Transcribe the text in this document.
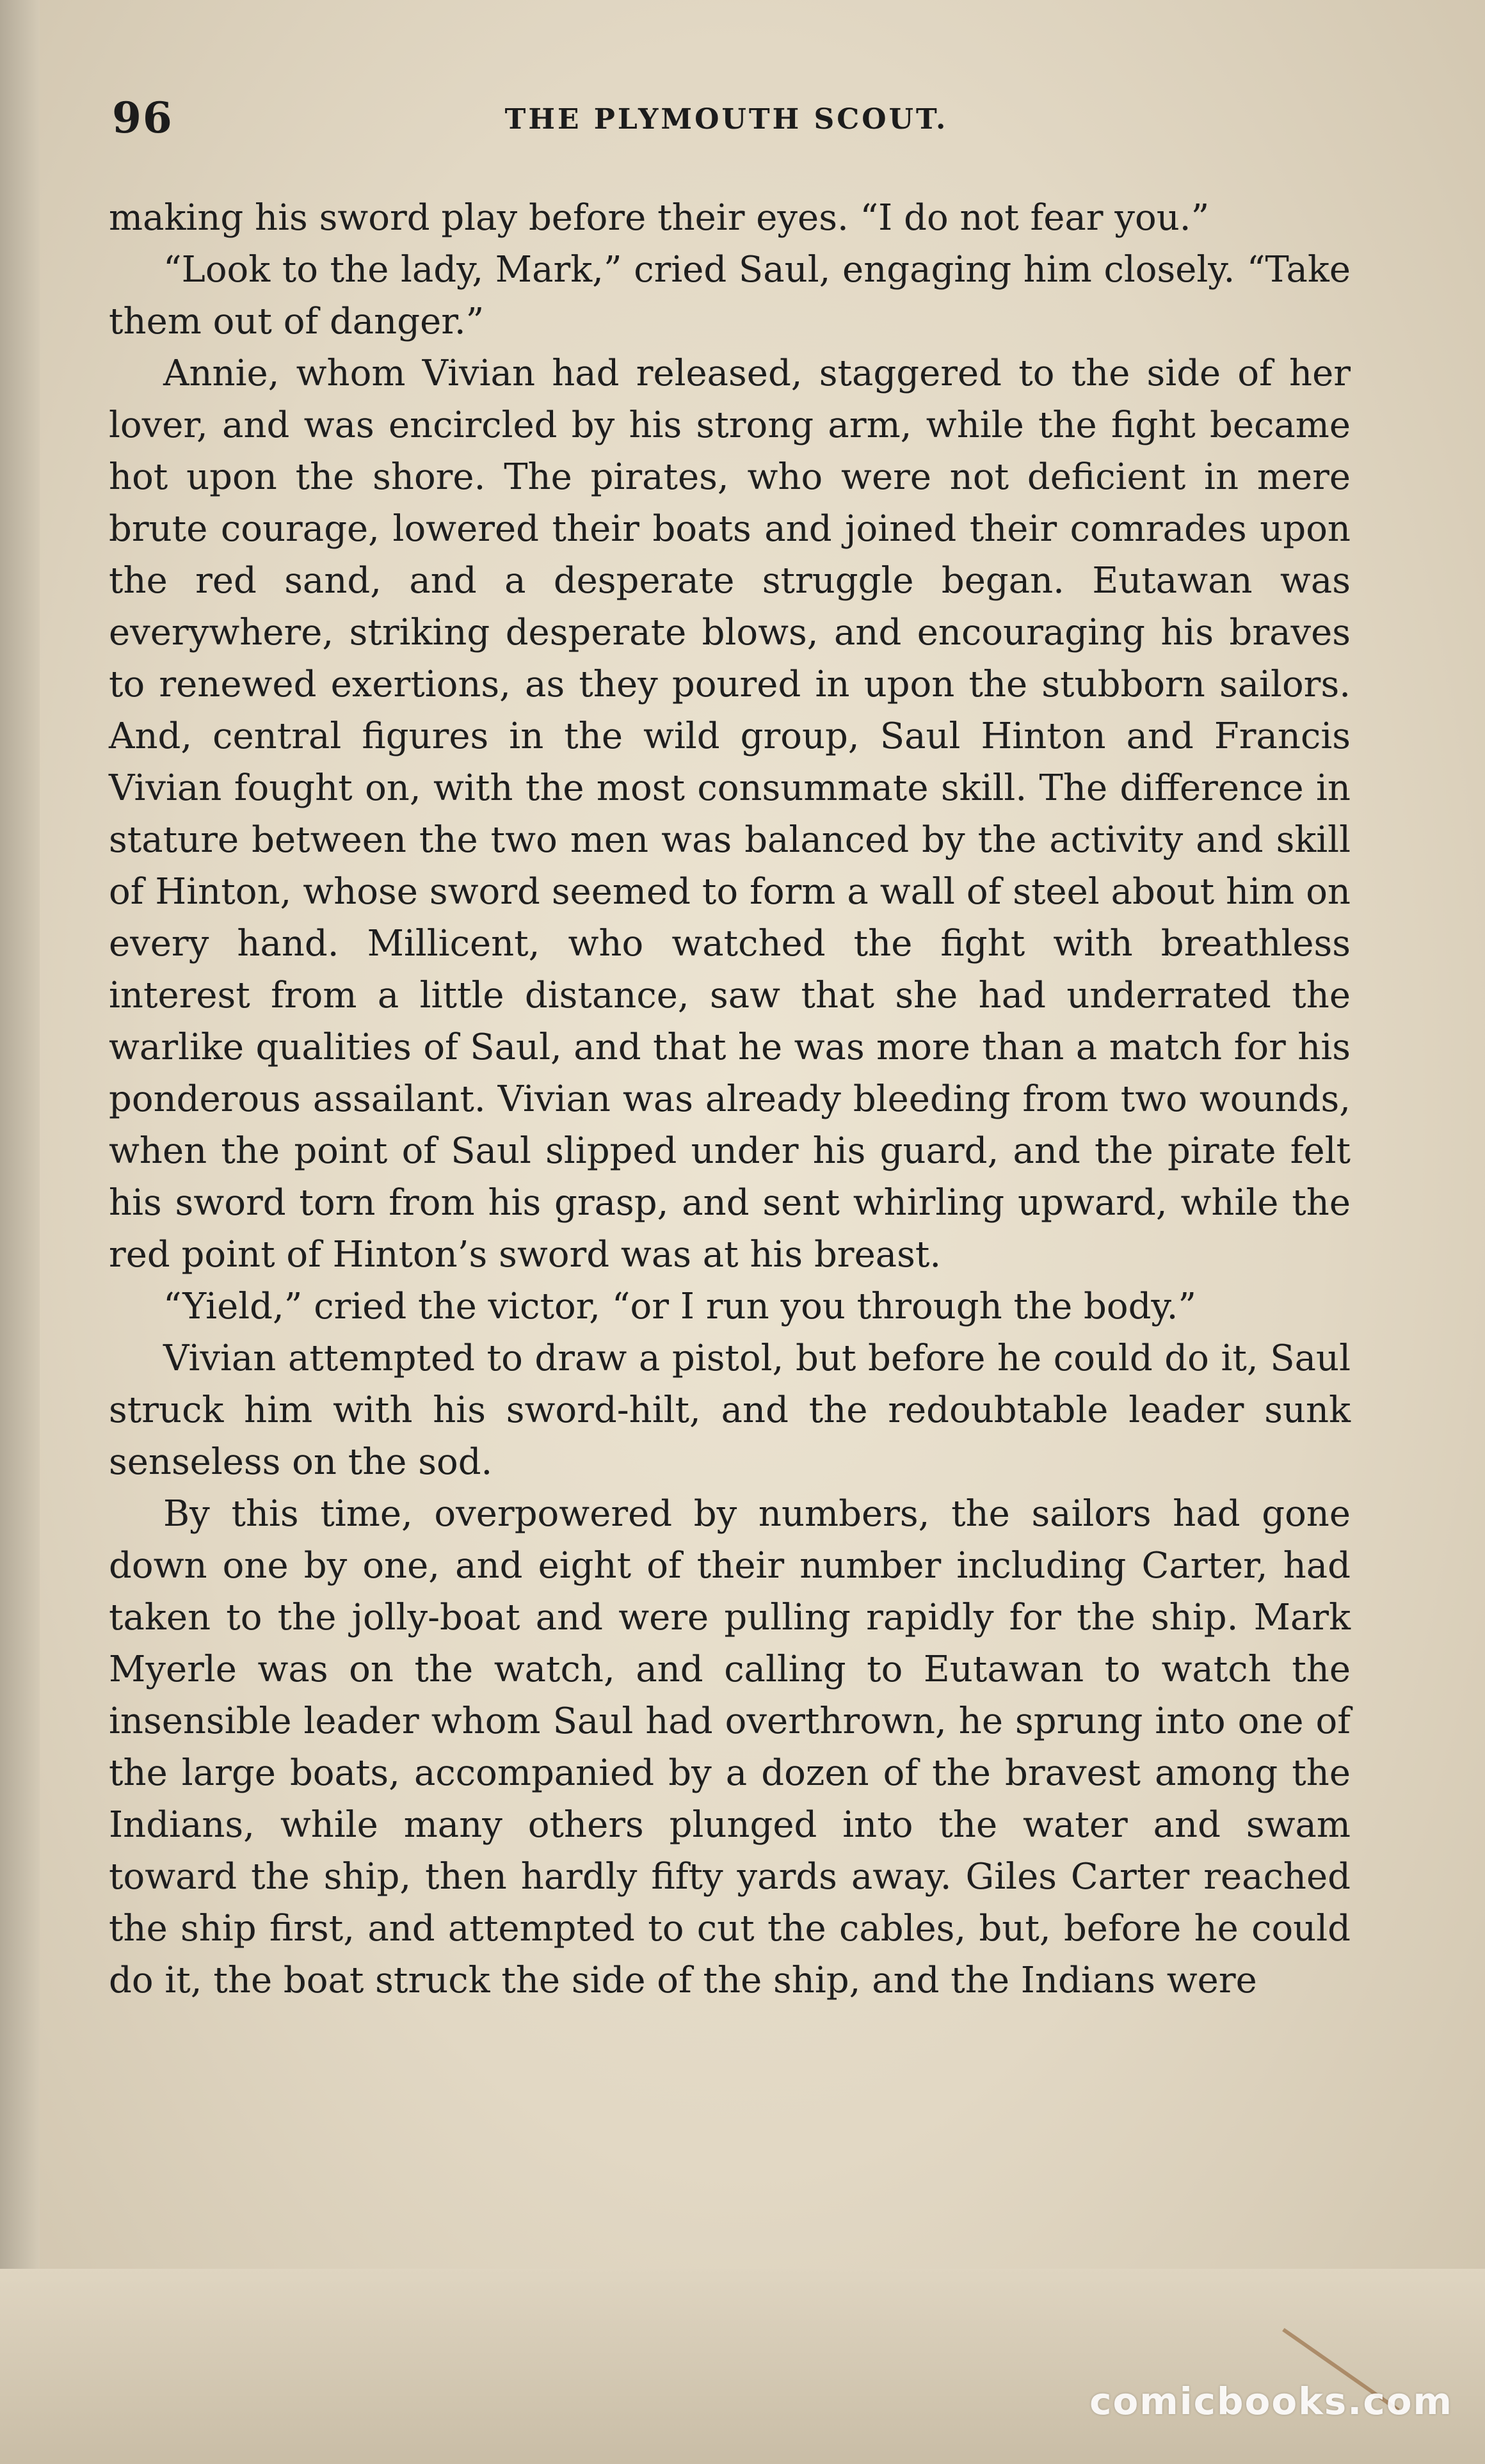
96	THE PLYMOUTH SCOUT.

making his sword play before their eyes. “I do not fear you.”

“Look to the lady, Mark,” cried Saul, engaging him closely. “Take them out of danger.”

Annie, whom Vivian had released, staggered to the side of her lover, and was encircled by his strong arm, while the fight became hot upon the shore. The pirates, who were not deficient in mere brute courage, lowered their boats and joined their comrades upon the red sand, and a desperate struggle began. Eutawan was everywhere, striking desperate blows, and encouraging his braves to renewed exertions, as they poured in upon the stubborn sailors. And, central figures in the wild group, Saul Hinton and Francis Vivian fought on, with the most consummate skill. The difference in stature between the two men was balanced by the activity and skill of Hinton, whose sword seemed to form a wall of steel about him on every hand. Millicent, who watched the fight with breathless interest from a little distance, saw that she had underrated the warlike qualities of Saul, and that he was more than a match for his ponderous assailant. Vivian was already bleeding from two wounds, when the point of Saul slipped under his guard, and the pirate felt his sword torn from his grasp, and sent whirling upward, while the red point of Hinton’s sword was at his breast.

“Yield,” cried the victor, “or I run you through the body.”

Vivian attempted to draw a pistol, but before he could do it, Saul struck him with his sword-hilt, and the redoubtable leader sunk senseless on the sod.

By this time, overpowered by numbers, the sailors had gone down one by one, and eight of their number including Carter, had taken to the jolly-boat and were pulling rapidly for the ship. Mark Myerle was on the watch, and calling to Eutawan to watch the insensible leader whom Saul had overthrown, he sprung into one of the large boats, accompanied by a dozen of the bravest among the Indians, while many others plunged into the water and swam toward the ship, then hardly fifty yards away. Giles Carter reached the ship first, and attempted to cut the cables, but, before he could do it, the boat struck the side of the ship, and the Indians were

comicbooks.com
